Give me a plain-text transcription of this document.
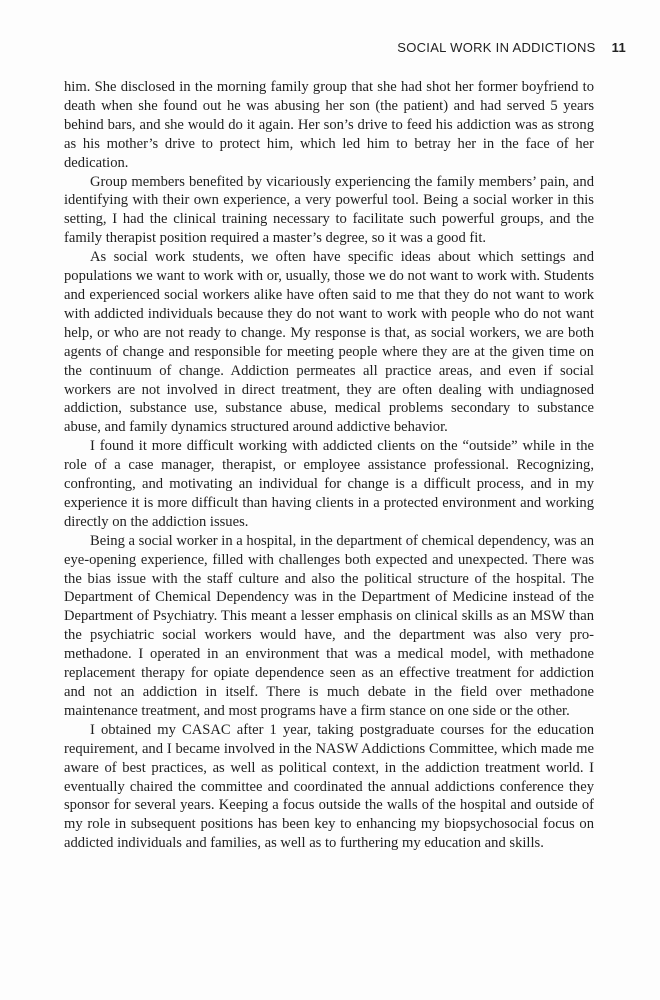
SOCIAL WORK IN ADDICTIONS 11

him. She disclosed in the morning family group that she had shot her former boyfriend to death when she found out he was abusing her son (the patient) and had served 5 years behind bars, and she would do it again. Her son’s drive to feed his addiction was as strong as his mother’s drive to protect him, which led him to betray her in the face of her dedication.

Group members benefited by vicariously experiencing the family members’ pain, and identifying with their own experience, a very powerful tool. Being a social worker in this setting, I had the clinical training necessary to facilitate such powerful groups, and the family therapist position required a master’s degree, so it was a good fit.

As social work students, we often have specific ideas about which settings and populations we want to work with or, usually, those we do not want to work with. Students and experienced social workers alike have often said to me that they do not want to work with addicted individuals because they do not want to work with people who do not want help, or who are not ready to change. My response is that, as social workers, we are both agents of change and responsible for meeting people where they are at the given time on the continuum of change. Addiction permeates all practice areas, and even if social workers are not involved in direct treatment, they are often dealing with undiagnosed addiction, substance use, substance abuse, medical problems secondary to substance abuse, and family dynamics structured around addictive behavior.

I found it more difficult working with addicted clients on the “outside” while in the role of a case manager, therapist, or employee assistance professional. Recognizing, confronting, and motivating an individual for change is a difficult process, and in my experience it is more difficult than having clients in a protected environment and working directly on the addiction issues.

Being a social worker in a hospital, in the department of chemical dependency, was an eye-opening experience, filled with challenges both expected and unexpected. There was the bias issue with the staff culture and also the political structure of the hospital. The Department of Chemical Dependency was in the Department of Medicine instead of the Department of Psychiatry. This meant a lesser emphasis on clinical skills as an MSW than the psychiatric social workers would have, and the department was also very pro-methadone. I operated in an environment that was a medical model, with methadone replacement therapy for opiate dependence seen as an effective treatment for addiction and not an addiction in itself. There is much debate in the field over methadone maintenance treatment, and most programs have a firm stance on one side or the other.

I obtained my CASAC after 1 year, taking postgraduate courses for the education requirement, and I became involved in the NASW Addictions Committee, which made me aware of best practices, as well as political context, in the addiction treatment world. I eventually chaired the committee and coordinated the annual addictions conference they sponsor for several years. Keeping a focus outside the walls of the hospital and outside of my role in subsequent positions has been key to enhancing my biopsychosocial focus on addicted individuals and families, as well as to furthering my education and skills.
